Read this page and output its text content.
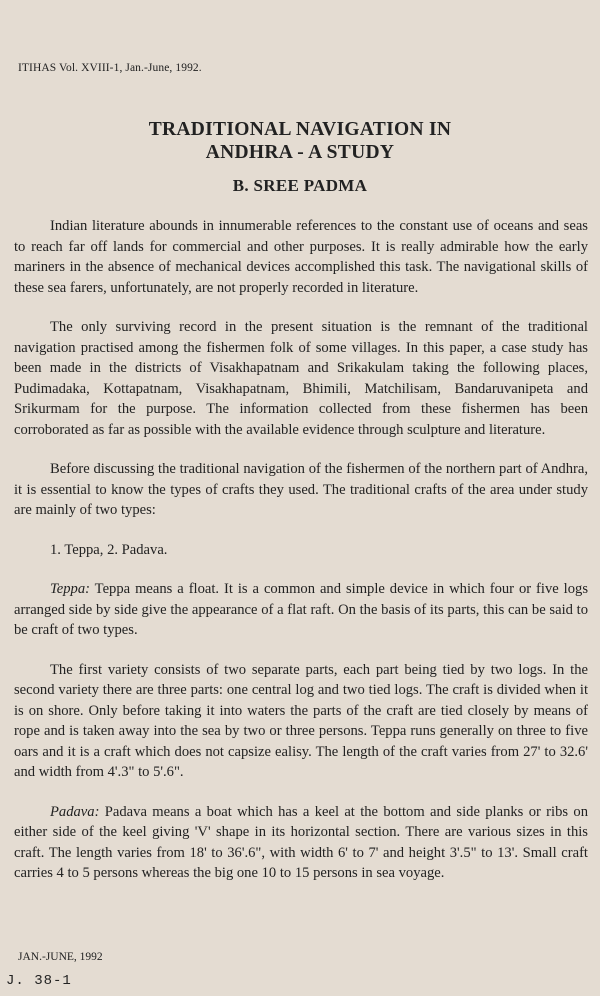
ITIHAS Vol. XVIII-1, Jan.-June, 1992.
TRADITIONAL NAVIGATION IN
ANDHRA - A STUDY
B. SREE PADMA

Indian literature abounds in innumerable references to the constant use of oceans and seas to reach far off lands for commercial and other purposes. It is really admirable how the early mariners in the absence of mechanical devices accomplished this task. The navigational skills of these sea farers, unfortunately, are not properly recorded in literature.

The only surviving record in the present situation is the remnant of the traditional navigation practised among the fishermen folk of some villages. In this paper, a case study has been made in the districts of Visakhapatnam and Srikakulam taking the following places, Pudimadaka, Kottapatnam, Visakhapatnam, Bhimili, Matchilisam, Bandaruvanipeta and Srikurmam for the purpose. The information collected from these fishermen has been corroborated as far as possible with the available evidence through sculpture and literature.

Before discussing the traditional navigation of the fishermen of the northern part of Andhra, it is essential to know the types of crafts they used. The traditional crafts of the area under study are mainly of two types:

1. Teppa, 2. Padava.

Teppa: Teppa means a float. It is a common and simple device in which four or five logs arranged side by side give the appearance of a flat raft. On the basis of its parts, this can be said to be craft of two types.

The first variety consists of two separate parts, each part being tied by two logs. In the second variety there are three parts: one central log and two tied logs. The craft is divided when it is on shore. Only before taking it into waters the parts of the craft are tied closely by means of rope and is taken away into the sea by two or three persons. Teppa runs generally on three to five oars and it is a craft which does not capsize ealisy. The length of the craft varies from 27' to 32.6' and width from 4'.3" to 5'.6".

Padava: Padava means a boat which has a keel at the bottom and side planks or ribs on either side of the keel giving 'V' shape in its horizontal section. There are various sizes in this craft. The length varies from 18' to 36'.6", with width 6' to 7' and height 3'.5" to 13'. Small craft carries 4 to 5 persons whereas the big one 10 to 15 persons in sea voyage.

JAN.-JUNE, 1992
J. 38-1
